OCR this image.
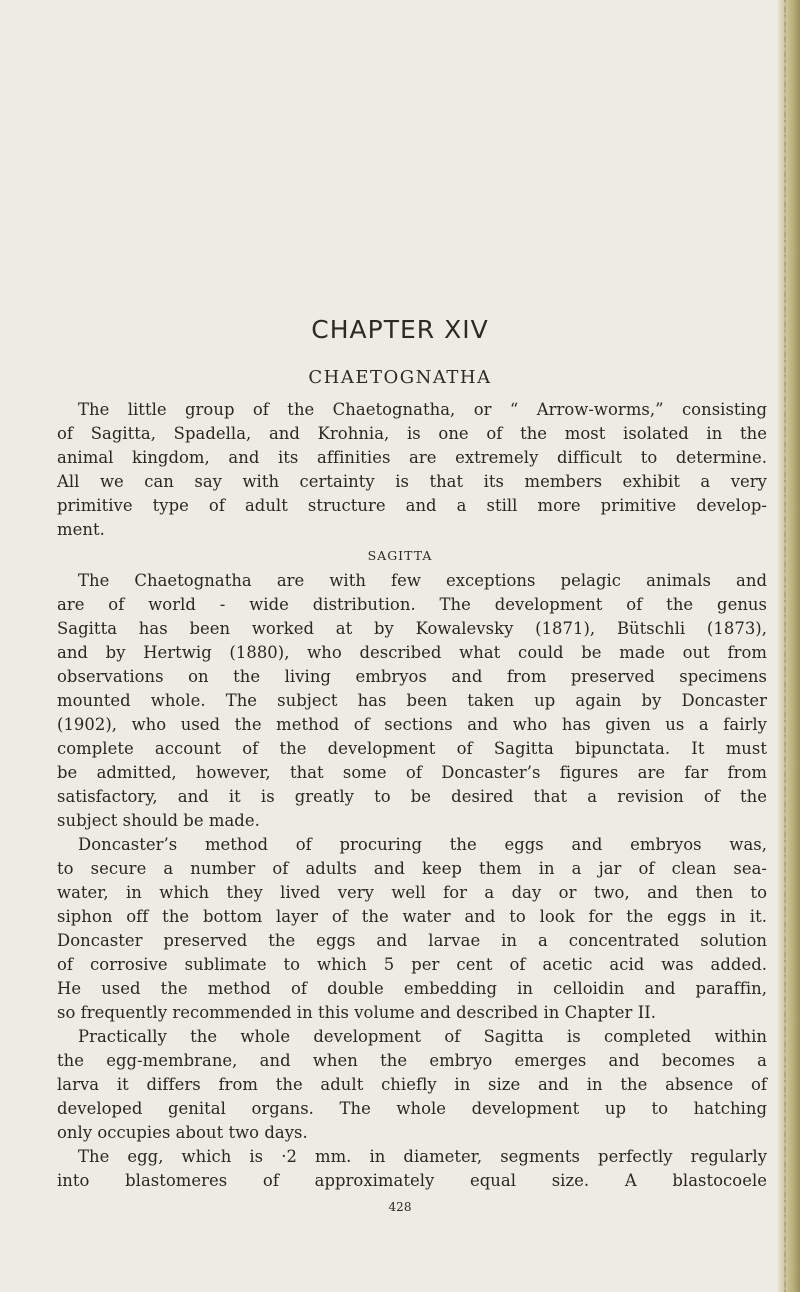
CHAPTER XIV
CHAETOGNATHA
The little group of the Chaetognatha, or “ Arrow-worms,” consisting
of Sagitta, Spadella, and Krohnia, is one of the most isolated in the
animal kingdom, and its affinities are extremely difficult to determine.
All we can say with certainty is that its members exhibit a very
primitive type of adult structure and a still more primitive develop-
ment.
SAGITTA
The Chaetognatha are with few exceptions pelagic animals and
are of world - wide distribution. The development of the genus
Sagitta has been worked at by Kowalevsky (1871), Bütschli (1873),
and by Hertwig (1880), who described what could be made out from
observations on the living embryos and from preserved specimens
mounted whole. The subject has been taken up again by Doncaster
(1902), who used the method of sections and who has given us a fairly
complete account of the development of Sagitta bipunctata. It must
be admitted, however, that some of Doncaster’s figures are far from
satisfactory, and it is greatly to be desired that a revision of the
subject should be made.
Doncaster’s method of procuring the eggs and embryos was,
to secure a number of adults and keep them in a jar of clean sea-
water, in which they lived very well for a day or two, and then to
siphon off the bottom layer of the water and to look for the eggs in it.
Doncaster preserved the eggs and larvae in a concentrated solution
of corrosive sublimate to which 5 per cent of acetic acid was added.
He used the method of double embedding in celloidin and paraffin,
so frequently recommended in this volume and described in Chapter II.
Practically the whole development of Sagitta is completed within
the egg-membrane, and when the embryo emerges and becomes a
larva it differs from the adult chiefly in size and in the absence of
developed genital organs. The whole development up to hatching
only occupies about two days.
The egg, which is ·2 mm. in diameter, segments perfectly regularly
into blastomeres of approximately equal size. A blastocoele
428
